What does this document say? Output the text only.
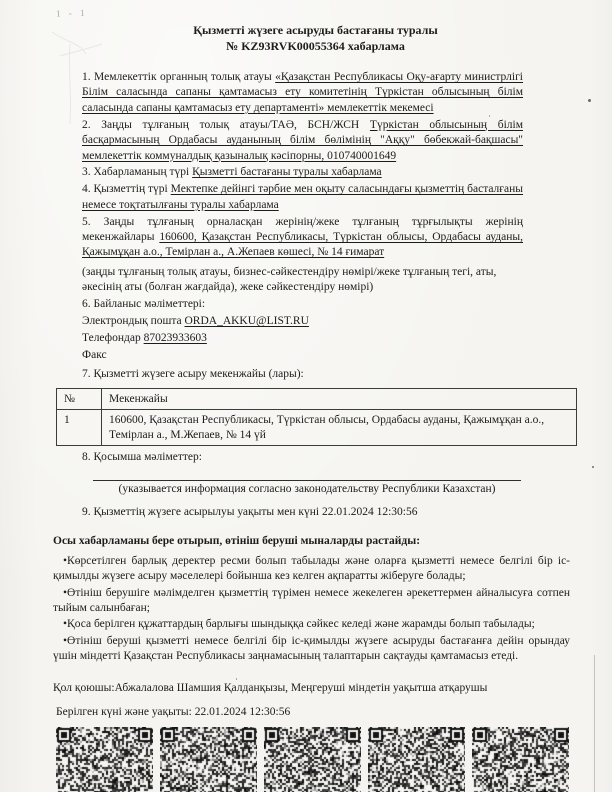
1 - 1
Қызметті жүзеге асыруды бастағаны туралы
№ KZ93RVK00055364 хабарлама

1. Мемлекеттік органның толық атауы «Қазақстан Республикасы Оқу-ағарту министрлігі Білім саласында сапаны қамтамасыз ету комитетінің Түркістан облысының білім саласында сапаны қамтамасыз ету департаменті» мемлекеттік мекемесі

2. Заңды тұлғаның толық атауы/ТАӘ, БСН/ЖСН Түркістан облысының білім басқармасының Ордабасы ауданының білім бөлімінің "Аққу" бөбекжай-бақшасы" мемлекеттік коммуналдық қазыналық кәсіпорны, 010740001649

3. Хабарламаның түрі Қызметті бастағаны туралы хабарлама

4. Қызметтің түрі Мектепке дейінгі тәрбие мен оқыту саласындағы қызметтің басталғаны немесе тоқтатылғаны туралы хабарлама

5. Заңды тұлғаның орналасқан жерінің/жеке тұлғаның тұрғылықты жерінің мекенжайлары 160600, Қазақстан Республикасы, Түркістан облысы, Ордабасы ауданы, Қажымұқан а.о., Темірлан а., А.Жепаев көшесі, № 14 ғимарат

(заңды тұлғаның толық атауы, бизнес-сәйкестендіру нөмірі/жеке тұлғаның тегі, аты, әкесінің аты (болған жағдайда), жеке сәйкестендіру нөмірі)

6. Байланыс мәліметтері:

Электрондық пошта ORDA_AKKU@LIST.RU

Телефондар 87023933603

Факс

7. Қызметті жүзеге асыру мекенжайы (лары):

№	Мекенжайы
1	160600, Қазақстан Республикасы, Түркістан облысы, Ордабасы ауданы, Қажымұқан а.о., Темірлан а., М.Жепаев, № 14 үй

8. Қосымша мәліметтер:

(указывается информация согласно законодательству Республики Казахстан)

9. Қызметтің жүзеге асырылуы уақыты мен күні 22.01.2024 12:30:56

Осы хабарламаны бере отырып, өтініш беруші мыналарды растайды:

• Көрсетілген барлық деректер ресми болып табылады және оларға қызметті немесе белгілі бір іс-қимылды жүзеге асыру мәселелері бойынша кез келген ақпаратты жіберуге болады;
• Өтініш берушіге мәлімделген қызметтің түрімен немесе жекелеген әрекеттермен айналысуға сотпен тыйым салынбаған;
• Қоса берілген құжаттардың барлығы шындыққа сәйкес келеді және жарамды болып табылады;
• Өтініш беруші қызметті немесе белгілі бір іс-қимылды жүзеге асыруды бастағанға дейін орындау үшін міндетті Қазақстан Республикасы заңнамасының талаптарын сақтауды қамтамасыз етеді.

Қол қоюшы:Абжалалова Шамшия Қалданқызы, Меңгеруші міндетін уақытша атқарушы

Берілген күні және уақыты: 22.01.2024 12:30:56
